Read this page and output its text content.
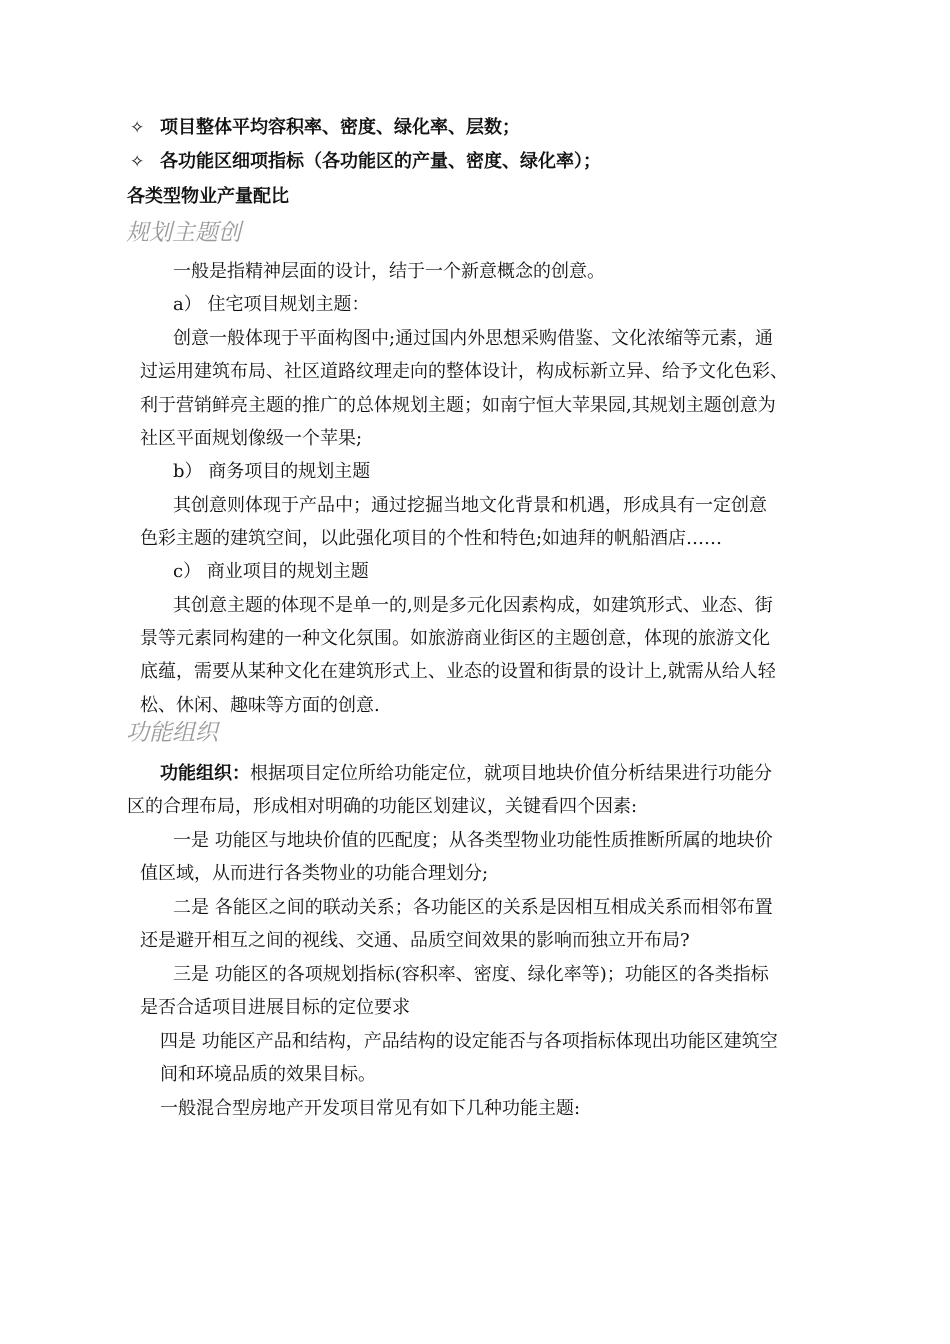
✧ 项目整体平均容积率、密度、绿化率、层数；
✧ 各功能区细项指标（各功能区的产量、密度、绿化率）；
各类型物业产量配比
规划主题创
一般是指精神层面的设计，结于一个新意概念的创意。
a） 住宅项目规划主题：
创意一般体现于平面构图中;通过国内外思想采购借鉴、文化浓缩等元素，通
过运用建筑布局、社区道路纹理走向的整体设计，构成标新立异、给予文化色彩、
利于营销鲜亮主题的推广的总体规划主题；如南宁恒大苹果园,其规划主题创意为
社区平面规划像级一个苹果;
b） 商务项目的规划主题
其创意则体现于产品中；通过挖掘当地文化背景和机遇，形成具有一定创意
色彩主题的建筑空间，以此强化项目的个性和特色;如迪拜的帆船酒店……
c） 商业项目的规划主题
其创意主题的体现不是单一的,则是多元化因素构成，如建筑形式、业态、街
景等元素同构建的一种文化氛围。如旅游商业街区的主题创意，体现的旅游文化
底蕴，需要从某种文化在建筑形式上、业态的设置和街景的设计上,就需从给人轻
松、休闲、趣味等方面的创意.
功能组织
功能组织：根据项目定位所给功能定位，就项目地块价值分析结果进行功能分
区的合理布局，形成相对明确的功能区划建议，关键看四个因素:
一是 功能区与地块价值的匹配度；从各类型物业功能性质推断所属的地块价
值区域，从而进行各类物业的功能合理划分;
二是 各能区之间的联动关系；各功能区的关系是因相互相成关系而相邻布置
还是避开相互之间的视线、交通、品质空间效果的影响而独立开布局?
三是 功能区的各项规划指标(容积率、密度、绿化率等)；功能区的各类指标
是否合适项目进展目标的定位要求
四是 功能区产品和结构，产品结构的设定能否与各项指标体现出功能区建筑空
间和环境品质的效果目标。
一般混合型房地产开发项目常见有如下几种功能主题:
